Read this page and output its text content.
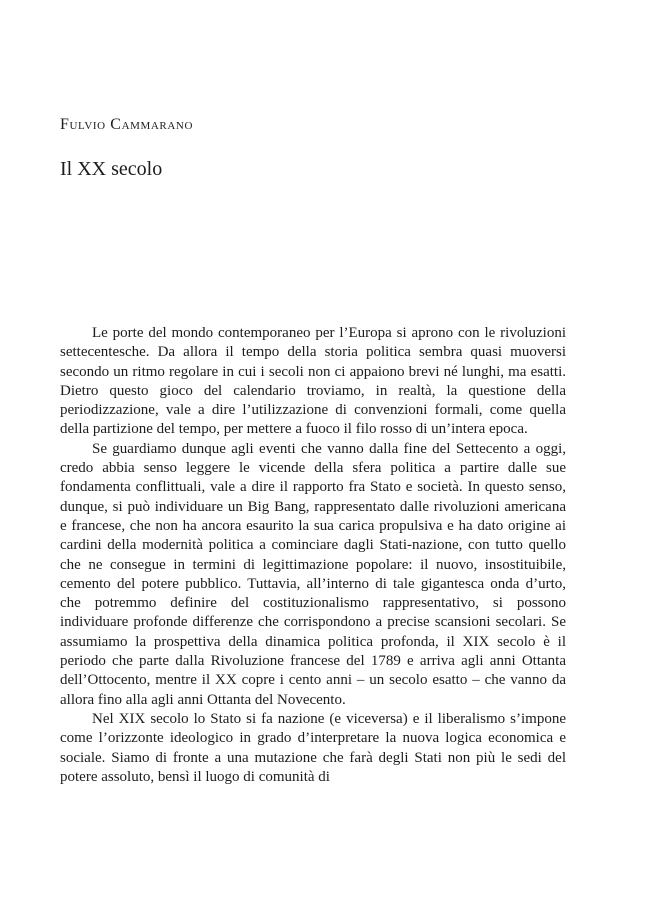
Fulvio Cammarano
Il XX secolo

Le porte del mondo contemporaneo per l’Europa si aprono con le rivoluzioni settecentesche. Da allora il tempo della storia politica sembra quasi muoversi secondo un ritmo regolare in cui i secoli non ci appaiono brevi né lunghi, ma esatti. Dietro questo gioco del calendario troviamo, in realtà, la questione della periodizzazione, vale a dire l’utilizzazione di convenzioni formali, come quella della partizione del tempo, per mettere a fuoco il filo rosso di un’intera epoca.

Se guardiamo dunque agli eventi che vanno dalla fine del Settecento a oggi, credo abbia senso leggere le vicende della sfera politica a partire dalle sue fondamenta conflittuali, vale a dire il rapporto fra Stato e società. In questo senso, dunque, si può individuare un Big Bang, rappresentato dalle rivoluzioni americana e francese, che non ha ancora esaurito la sua carica propulsiva e ha dato origine ai cardini della modernità politica a cominciare dagli Stati-nazione, con tutto quello che ne consegue in termini di legittimazione popolare: il nuovo, insostituibile, cemento del potere pubblico. Tuttavia, all’interno di tale gigantesca onda d’urto, che potremmo definire del costituzionalismo rappresentativo, si possono individuare profonde differenze che corrispondono a precise scansioni secolari. Se assumiamo la prospettiva della dinamica politica profonda, il XIX secolo è il periodo che parte dalla Rivoluzione francese del 1789 e arriva agli anni Ottanta dell’Ottocento, mentre il XX copre i cento anni – un secolo esatto – che vanno da allora fino alla agli anni Ottanta del Novecento.

Nel XIX secolo lo Stato si fa nazione (e viceversa) e il liberalismo s’impone come l’orizzonte ideologico in grado d’interpretare la nuova logica economica e sociale. Siamo di fronte a una mutazione che farà degli Stati non più le sedi del potere assoluto, bensì il luogo di comunità di
